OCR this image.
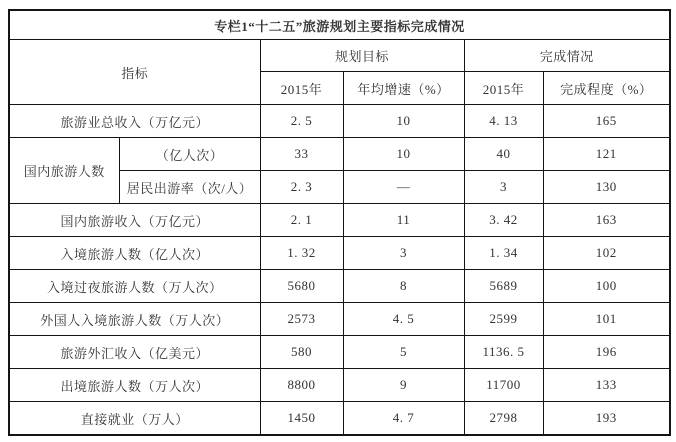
专栏1“十二五”旅游规划主要指标完成情况					
指标		规划目标		完成情况	
		2015年	年均增速（%）	2015年	完成程度（%）
旅游业总收入（万亿元）		2. 5	10	4. 13	165
国内旅游人数	（亿人次）	33	10	40	121
	居民出游率（次/人）	2. 3	—	3	130
国内旅游收入（万亿元）		2. 1	11	3. 42	163
入境旅游人数（亿人次）		1. 32	3	1. 34	102
入境过夜旅游人数（万人次）		5680	8	5689	100
外国人入境旅游人数（万人次）		2573	4. 5	2599	101
旅游外汇收入（亿美元）		580	5	1136. 5	196
出境旅游人数（万人次）		8800	9	11700	133
直接就业（万人）		1450	4. 7	2798	193
